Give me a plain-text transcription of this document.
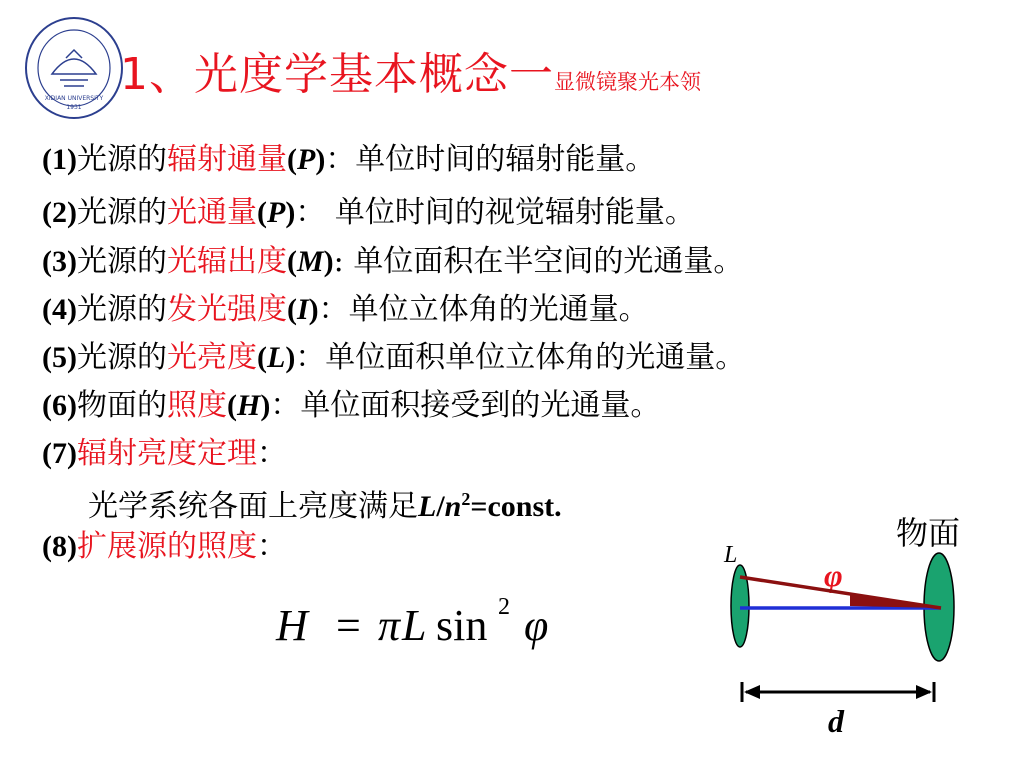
XIDIAN UNIVERSITY
1931
1、光度学基本概念一显微镜聚光本领
(1)光源的辐射通量(P)：单位时间的辐射能量。
(2)光源的光通量(P)： 单位时间的视觉辐射能量。
(3)光源的光辐出度(M): 单位面积在半空间的光通量。
(4)光源的发光强度(I)：单位立体角的光通量。
(5)光源的光亮度(L)：单位面积单位立体角的光通量。
(6)物面的照度(H)：单位面积接受到的光通量。
(7)辐射亮度定理：
(8)扩展源的照度：
光学系统各面上亮度满足$L/n^2=const$.
H = π L sin 2 φ
物面
L
φ
d
